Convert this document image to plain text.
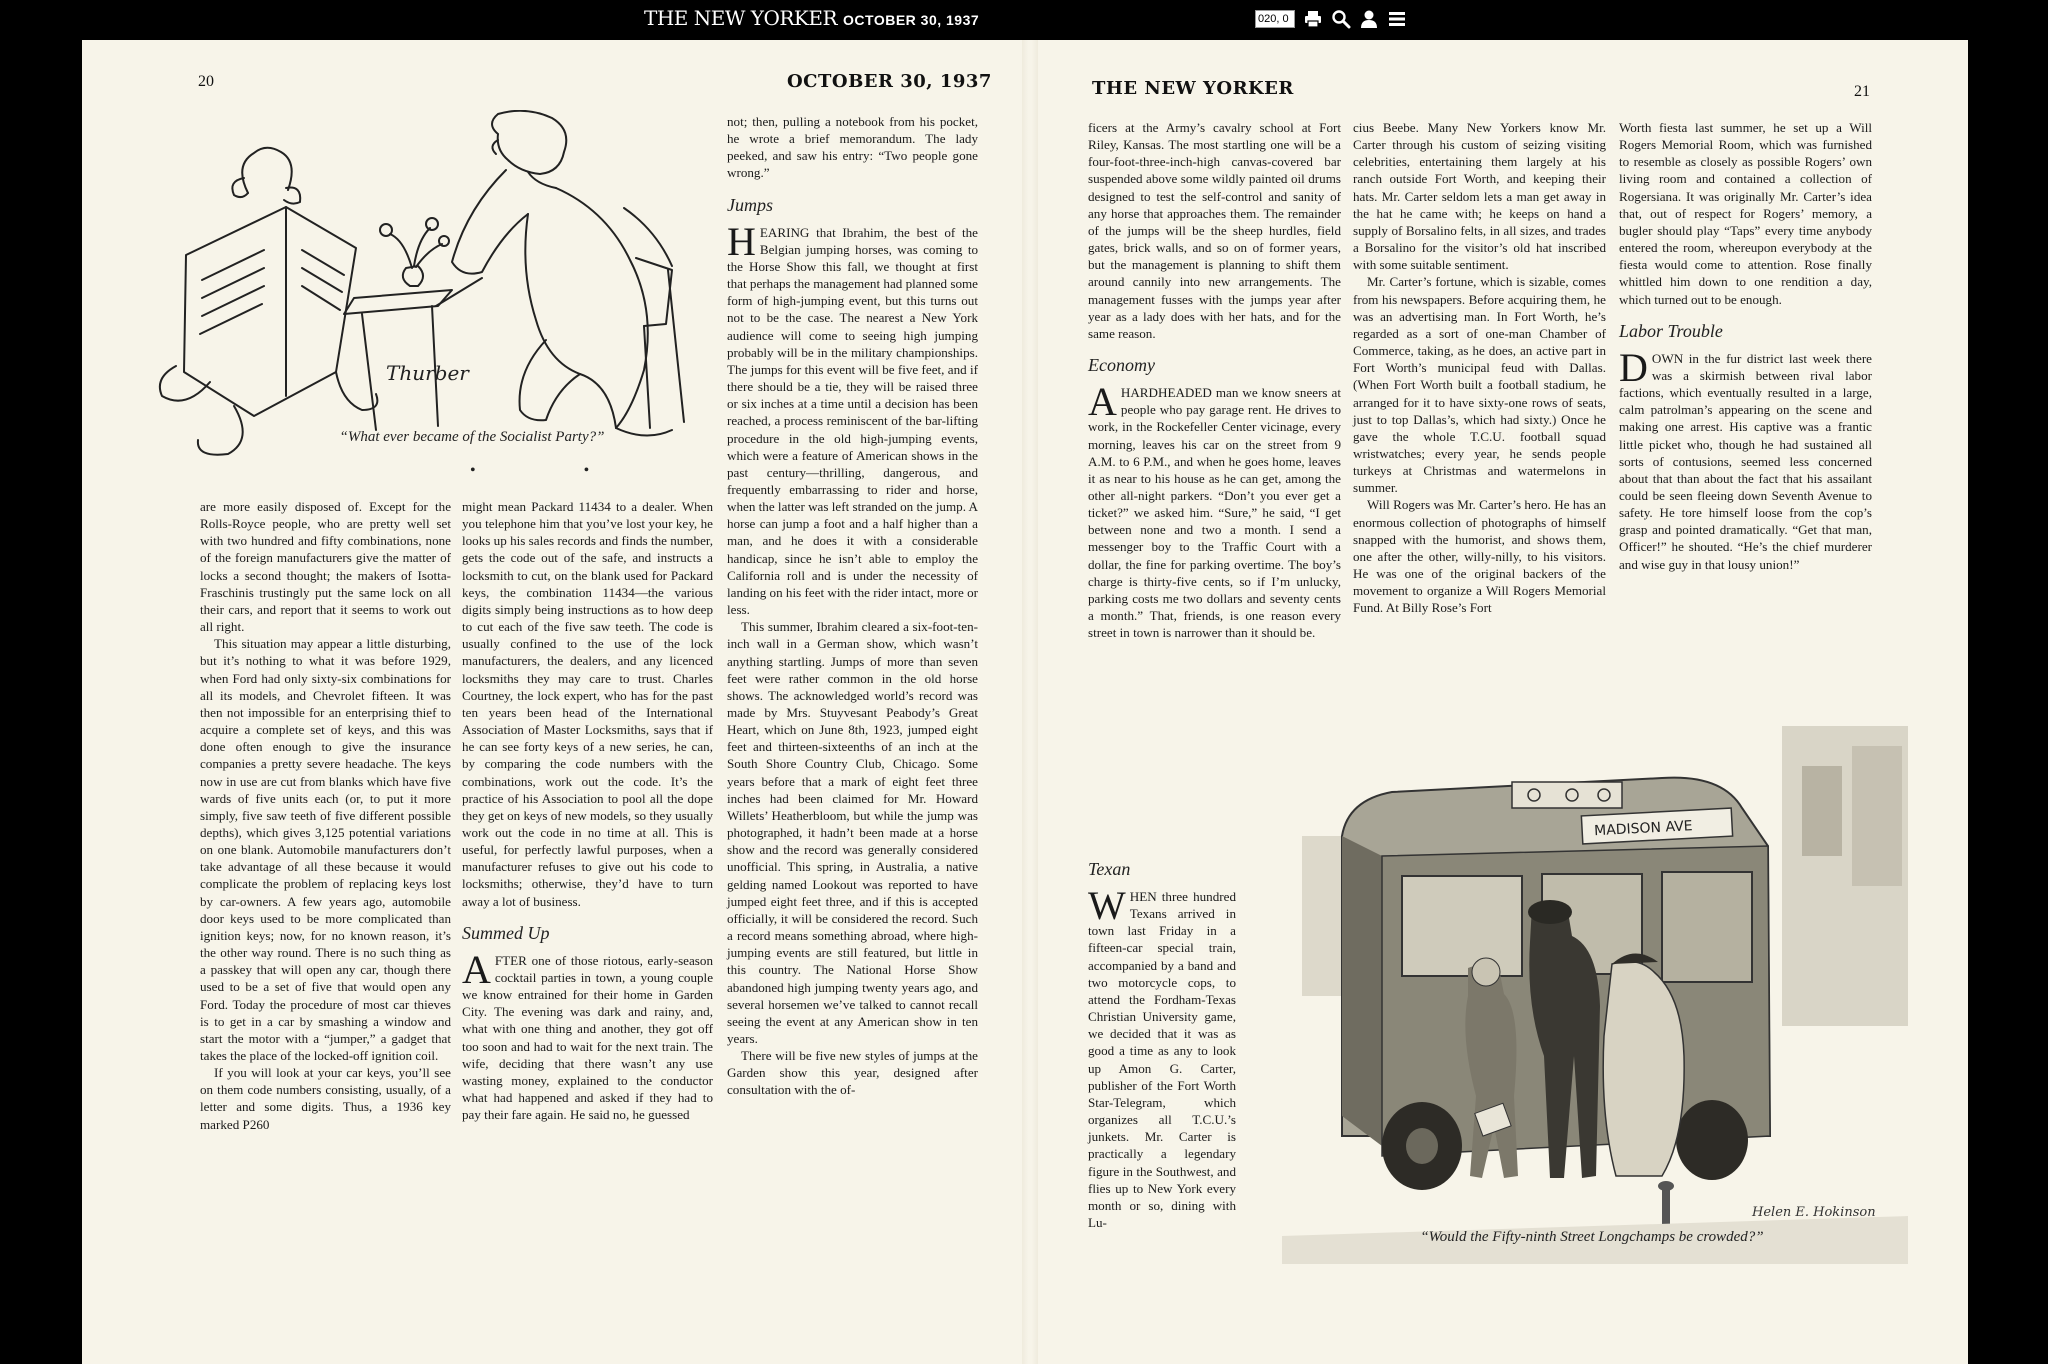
THE NEW YORKER OCTOBER 30, 1937
020, 0
20	OCTOBER 30, 1937
Thurber
“What ever became of the Socialist Party?”
• •

are more easily disposed of. Except for the Rolls-Royce people, who are pretty well set with two hundred and fifty combinations, none of the foreign manufacturers give the matter of locks a second thought; the makers of Isotta-Fraschinis trustingly put the same lock on all their cars, and report that it seems to work out all right.

This situation may appear a little disturbing, but it’s nothing to what it was before 1929, when Ford had only sixty-six combinations for all its models, and Chevrolet fifteen. It was then not impossible for an enterprising thief to acquire a complete set of keys, and this was done often enough to give the insurance companies a pretty severe headache. The keys now in use are cut from blanks which have five wards of five units each (or, to put it more simply, five saw teeth of five different possible depths), which gives 3,125 potential variations on one blank. Automobile manufacturers don’t take advantage of all these because it would complicate the problem of replacing keys lost by car-owners. A few years ago, automobile door keys used to be more complicated than ignition keys; now, for no known reason, it’s the other way round. There is no such thing as a passkey that will open any car, though there used to be a set of five that would open any Ford. Today the procedure of most car thieves is to get in a car by smashing a window and start the motor with a “jumper,” a gadget that takes the place of the locked-off ignition coil.

If you will look at your car keys, you’ll see on them code numbers consisting, usually, of a letter and some digits. Thus, a 1936 key marked P260

might mean Packard 11434 to a dealer. When you telephone him that you’ve lost your key, he looks up his sales records and finds the number, gets the code out of the safe, and instructs a locksmith to cut, on the blank used for Packard keys, the combination 11434—the various digits simply being instructions as to how deep to cut each of the five saw teeth. The code is usually confined to the use of the lock manufacturers, the dealers, and any licenced locksmiths they may care to trust. Charles Courtney, the lock expert, who has for the past ten years been head of the International Association of Master Locksmiths, says that if he can see forty keys of a new series, he can, by comparing the code numbers with the combinations, work out the code. It’s the practice of his Association to pool all the dope they get on keys of new models, so they usually work out the code in no time at all. This is useful, for perfectly lawful purposes, when a manufacturer refuses to give out his code to locksmiths; otherwise, they’d have to turn away a lot of business.

Summed Up

AFTER one of those riotous, early-season cocktail parties in town, a young couple we know entrained for their home in Garden City. The evening was dark and rainy, and, what with one thing and another, they got off too soon and had to wait for the next train. The wife, deciding that there wasn’t any use wasting money, explained to the conductor what had happened and asked if they had to pay their fare again. He said no, he guessed

not; then, pulling a notebook from his pocket, he wrote a brief memorandum. The lady peeked, and saw his entry: “Two people gone wrong.”

Jumps

HEARING that Ibrahim, the best of the Belgian jumping horses, was coming to the Horse Show this fall, we thought at first that perhaps the management had planned some form of high-jumping event, but this turns out not to be the case. The nearest a New York audience will come to seeing high jumping probably will be in the military championships. The jumps for this event will be five feet, and if there should be a tie, they will be raised three or six inches at a time until a decision has been reached, a process reminiscent of the bar-lifting procedure in the old high-jumping events, which were a feature of American shows in the past century—thrilling, dangerous, and frequently embarrassing to rider and horse, when the latter was left stranded on the jump. A horse can jump a foot and a half higher than a man, and he does it with a considerable handicap, since he isn’t able to employ the California roll and is under the necessity of landing on his feet with the rider intact, more or less.

This summer, Ibrahim cleared a six-foot-ten-inch wall in a German show, which wasn’t anything startling. Jumps of more than seven feet were rather common in the old horse shows. The acknowledged world’s record was made by Mrs. Stuyvesant Peabody’s Great Heart, which on June 8th, 1923, jumped eight feet and thirteen-sixteenths of an inch at the South Shore Country Club, Chicago. Some years before that a mark of eight feet three inches had been claimed for Mr. Howard Willets’ Heatherbloom, but while the jump was photographed, it hadn’t been made at a horse show and the record was generally considered unofficial. This spring, in Australia, a native gelding named Lookout was reported to have jumped eight feet three, and if this is accepted officially, it will be considered the record. Such a record means something abroad, where high-jumping events are still featured, but little in this country. The National Horse Show abandoned high jumping twenty years ago, and several horsemen we’ve talked to cannot recall seeing the event at any American show in ten years.

There will be five new styles of jumps at the Garden show this year, designed after consultation with the of-

THE NEW YORKER	21

ficers at the Army’s cavalry school at Fort Riley, Kansas. The most startling one will be a four-foot-three-inch-high canvas-covered bar suspended above some wildly painted oil drums designed to test the self-control and sanity of any horse that approaches them. The remainder of the jumps will be the sheep hurdles, field gates, brick walls, and so on of former years, but the management is planning to shift them around cannily into new arrangements. The management fusses with the jumps year after year as a lady does with her hats, and for the same reason.

Economy

AHARDHEADED man we know sneers at people who pay garage rent. He drives to work, in the Rockefeller Center vicinage, every morning, leaves his car on the street from 9 A.M. to 6 P.M., and when he goes home, leaves it as near to his house as he can get, among the other all-night parkers. “Don’t you ever get a ticket?” we asked him. “Sure,” he said, “I get between none and two a month. I send a messenger boy to the Traffic Court with a dollar, the fine for parking overtime. The boy’s charge is thirty-five cents, so if I’m unlucky, parking costs me two dollars and seventy cents a month.” That, friends, is one reason every street in town is narrower than it should be.

Texan

WHEN three hundred Texans arrived in town last Friday in a fifteen-car special train, accompanied by a band and two motorcycle cops, to attend the Fordham-Texas Christian University game, we decided that it was as good a time as any to look up Amon G. Carter, publisher of the Fort Worth Star-Telegram, which organizes all T.C.U.’s junkets. Mr. Carter is practically a legendary figure in the Southwest, and flies up to New York every month or so, dining with Lu-

cius Beebe. Many New Yorkers know Mr. Carter through his custom of seizing visiting celebrities, entertaining them largely at his ranch outside Fort Worth, and keeping their hats. Mr. Carter seldom lets a man get away in the hat he came with; he keeps on hand a supply of Borsalino felts, in all sizes, and trades a Borsalino for the visitor’s old hat inscribed with some suitable sentiment.

Mr. Carter’s fortune, which is sizable, comes from his newspapers. Before acquiring them, he was an advertising man. In Fort Worth, he’s regarded as a sort of one-man Chamber of Commerce, taking, as he does, an active part in Fort Worth’s municipal feud with Dallas. (When Fort Worth built a football stadium, he arranged for it to have sixty-one rows of seats, just to top Dallas’s, which had sixty.) Once he gave the whole T.C.U. football squad wristwatches; every year, he sends people turkeys at Christmas and watermelons in summer.

Will Rogers was Mr. Carter’s hero. He has an enormous collection of photographs of himself snapped with the humorist, and shows them, one after the other, willy-nilly, to his visitors. He was one of the original backers of the movement to organize a Will Rogers Memorial Fund. At Billy Rose’s Fort

Worth fiesta last summer, he set up a Will Rogers Memorial Room, which was furnished to resemble as closely as possible Rogers’ own living room and contained a collection of Rogersiana. It was originally Mr. Carter’s idea that, out of respect for Rogers’ memory, a bugler should play “Taps” every time anybody entered the room, whereupon everybody at the fiesta would come to attention. Rose finally whittled him down to one rendition a day, which turned out to be enough.

Labor Trouble

DOWN in the fur district last week there was a skirmish between rival labor factions, which eventually resulted in a large, calm patrolman’s appearing on the scene and making one arrest. His captive was a frantic little picket who, though he had sustained all sorts of contusions, seemed less concerned about that than about the fact that his assailant could be seen fleeing down Seventh Avenue to safety. He tore himself loose from the cop’s grasp and pointed dramatically. “Get that man, Officer!” he shouted. “He’s the chief murderer and wise guy in that lousy union!”

MADISON AVE
Helen E. Hokinson
“Would the Fifty-ninth Street Longchamps be crowded?”
